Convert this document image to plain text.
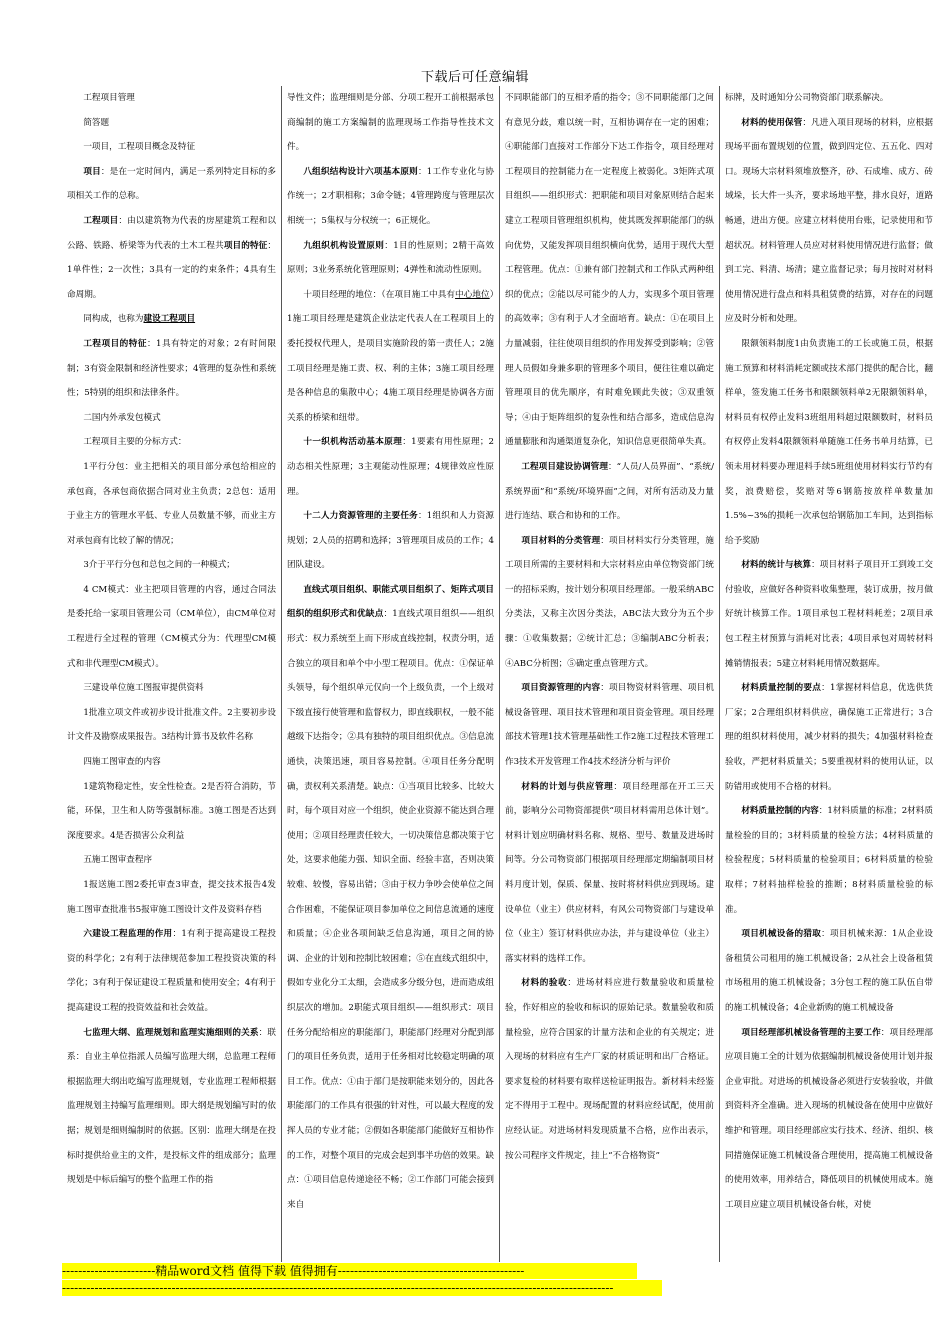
下载后可任意编辑

工程项目管理

简答题

一项目，工程项目概念及特征

项目：是在一定时间内，满足一系列特定目标的多项相关工作的总称。

工程项目：由以建筑物为代表的房屋建筑工程和以公路、铁路、桥梁等为代表的土木工程共项目的特征：1单件性；2一次性；3具有一定的约束条件；4具有生命周期。

同构成，也称为建设工程项目

工程项目的特征：1具有特定的对象；2有时间限制；3有资金限制和经济性要求；4管理的复杂性和系统性；5特别的组织和法律条件。

二国内外承发包模式

工程项目主要的分标方式：

1平行分包：业主把相关的项目部分承包给相应的承包商，各承包商依据合同对业主负责；2总包：适用于业主方的管理水平低、专业人员数量不够，而业主方对承包商有比较了解的情况；

3介于平行分包和总包之间的一种模式；

4 CM模式：业主把项目管理的内容，通过合同法是委托给一家项目管理公司（CM单位），由CM单位对工程进行全过程的管理（CM模式分为：代理型CM模式和非代理型CM模式）。

三建设单位施工图报审提供资料

1批准立项文件或初步设计批准文件。2主要初步设计文件及勘察成果报告。3结构计算书及软件名称

四施工图审查的内容

1建筑物稳定性，安全性检查。2是否符合消防，节能，环保，卫生和人防等强制标准。3施工图是否达到深度要求。4是否损害公众利益

五施工图审查程序

1报送施工图2委托审查3审查，提交技术报告4发施工图审查批准书5报审施工图设计文件及资料存档

六建设工程监理的作用：1有利于提高建设工程投资的科学化；2有利于法律规范参加工程投资决策的科学化；3有利于保证建设工程质量和使用安全；4有利于提高建设工程的投资效益和社会效益。

七监理大纲、监理规划和监理实施细则的关系：联系：自业主单位指派人员编写监理大纲，总监理工程师根据监理大纲出吃编写监理规划，专业监理工程师根据监理规划主持编写监理细则。即大纲是规划编写时的依据；规划是细则编制时的依据。区别：监理大纲是在投标时提供给业主的文件，是投标文件的组成部分；监理规划是中标后编写的整个监理工作的指

导性文件；监理细则是分部、分项工程开工前根据承包商编制的施工方案编制的监理现场工作指导性技术文件。

八组织结构设计六项基本原则：1工作专业化与协作统一；2才职相称；3命令链；4管理跨度与管理层次相统一；5集权与分权统一；6正规化。

九组织机构设置原则：1目的性原则；2精干高效原则；3业务系统化管理原则；4弹性和流动性原则。

十项目经理的地位：（在项目施工中具有中心地位）1施工项目经理是建筑企业法定代表人在工程项目上的委托授权代理人，是项目实施阶段的第一责任人；2施工项目经理是施工责、权、利的主体；3施工项目经理是各种信息的集散中心；4施工项目经理是协调各方面关系的桥梁和纽带。

十一织机构活动基本原理：1要素有用性原理；2动态相关性原理；3主观能动性原理；4规律效应性原理。

十二人力资源管理的主要任务：1组织和人力资源规划；2人员的招聘和选择；3管理项目成员的工作；4团队建设。

直线式项目组织、职能式项目组织了、矩阵式项目组织的组织形式和优缺点：1直线式项目组织——组织形式：权力系统至上而下形成直线控制，权责分明，适合独立的项目和单个中小型工程项目。优点：①保证单头领导，每个组织单元仅向一个上级负责，一个上级对下级直接行使管理和监督权力，即直线职权，一般不能越级下达指令；②具有独特的项目组织优点。③信息流通快，决策迅速，项目容易控制。④项目任务分配明确，责权利关系清楚。缺点：①当项目比较多、比较大时，每个项目对应一个组织，使企业资源不能达到合理使用；②项目经理责任较大，一切决策信息都决策于它处，这要求他能力强、知识全面、经验丰富，否则决策较难、较慢，容易出错；③由于权力争吵会使单位之间合作困难，不能保证项目参加单位之间信息流通的速度和质量；④企业各项间缺乏信息沟通，项目之间的协调、企业的计划和控制比较困难；⑤在直线式组织中，假如专业化分工太细，会造成多分级分包，进而造成组织层次的增加。2职能式项目组织——组织形式：项目任务分配给相应的职能部门，职能部门经理对分配到部门的项目任务负责，适用于任务相对比较稳定明确的项目工作。优点：①由于部门是按职能来划分的，因此各职能部门的工作具有很强的针对性，可以最大程度的发挥人员的专业才能；②假如各职能部门能做好互相协作的工作，对整个项目的完成会起到事半功倍的效果。缺点：①项目信息传递途径不畅；②工作部门可能会接到来自

不同职能部门的互相矛盾的指令；③不同职能部门之间有意见分歧，难以统一时，互相协调存在一定的困难；④职能部门直接对工作部分下达工作指令，项目经理对工程项目的控制能力在一定程度上被弱化。3矩阵式项目组织——组织形式：把职能和项目对象原则结合起来建立工程项目管理组织机构，使其既发挥职能部门的纵向优势，又能发挥项目组织横向优势，适用于现代大型工程管理。优点：①兼有部门控制式和工作队式两种组织的优点；②能以尽可能少的人力，实现多个项目管理的高效率；③有利于人才全面培育。缺点：①在项目上力量减弱，往往使项目组织的作用发挥受到影响；②管理人员假如身兼多职的管理多个项目，便往往难以确定管理项目的优先顺序，有时难免顾此失彼；③双重领导；④由于矩阵组织的复杂性和结合部多，造成信息沟通量膨胀和沟通渠道复杂化，知识信息更很简单失真。

工程项目建设协调管理：“人员/人员界面”、“系统/系统界面”和“系统/环境界面”之间，对所有活动及力量进行连结、联合和协和的工作。

项目材料的分类管理：项目材料实行分类管理，施工项目所需的主要材料和大宗材料应由单位物资部门统一的招标采购，按计划分积项目经理部。一般采纳ABC分类法，又称主次因分类法，ABC法大致分为五个步骤：①收集数据；②统计汇总；③编制ABC分析表；④ABC分析图；⑤确定重点管理方式。

项目资源管理的内容：项目物资材料管理、项目机械设备管理、项目技术管理和项目资金管理。项目经理部技术管理1技术管理基础性工作2施工过程技术管理工作3技术开发管理工作4技术经济分析与评价

材料的计划与供应管理：项目经理部在开工三天前，影响分公司物资部提供“项目材料需用总体计划”。材料计划应明确材料名称、规格、型号、数量及进场时间等。分公司物资部门根据项目经理部定期编制项目材料月度计划，保质、保量、按时将材料供应到现场。建设单位（业主）供应材料，有风公司物资部门与建设单位（业主）签订材料供应办法，并与建设单位（业主）落实材料的选样工作。

材料的验收：进场材料应进行数量验收和质量检验，作好相应的验收和标识的原始记录。数量验收和质量检验，应符合国家的计量方法和企业的有关规定；进入现场的材料应有生产厂家的材质证明和出厂合格证。要求复检的材料要有取样送检证明报告。新材料未经鉴定不得用于工程中。现场配置的材料应经试配，使用前应经认证。对进场材料发现质量不合格，应作出表示，按公司程序文件规定，挂上“不合格物资”

标牌，及时通知分公司物资部门联系解决。

材料的使用保管：凡进入项目现场的材料，应根据现场平面布置规划的位置，做到四定位、五五化、四对口。现场大宗材料须堆放整齐，砂、石成堆、成方、砖域垛，长大件一头齐，要求场地平整，排水良好，道路畅通，进出方便。应建立材料使用台账，记录使用和节超状况。材料管理人员应对材料使用情况进行监督；做到工完、料清、场清；建立监督记录；每月按时对材料使用情况进行盘点和料具租赁费的结算，对存在的问题应及时分析和处理。

限额领料制度1由负责施工的工长或施工员，根据施工预算和材料消耗定额或技术部门提供的配合比，翻样单，签发施工任务书和限额领料单2无限额领料单，材料员有权停止发料3班组用料超过限额数时，材料员有权停止发料4限额领料单随施工任务书单月结算，已领未用材料要办理退料手续5班组使用材料实行节约有奖，浪费赔偿，奖赔对等6钢筋按放样单数量加1.5%~3%的损耗一次承包给钢筋加工车间，达到指标给予奖励

材料的统计与核算：项目材料子项目开工到竣工交付验收，应做好各种资料收集整理，装订成册，按月做好统计核算工作。1项目承包工程材料耗差；2项目承包工程主材预算与消耗对比表；4项目承包对周转材料摊销情报表；5建立材料耗用情况数据库。

材料质量控制的要点：1掌握材料信息，优选供货厂家；2合理组织材料供应，确保施工正常进行；3合理的组织材料使用，减少材料的损失；4加强材料检查验收，严把材料质量关；5要重视材料的使用认证，以防错用或使用不合格的材料。

材料质量控制的内容：1材料质量的标准；2材料质量检验的目的；3材料质量的检验方法；4材料质量的检验程度；5材料质量的检验项目；6材料质量的检验取样；7材料抽样检验的推断；8材料质量检验的标准。

项目机械设备的猎取：项目机械来源：1从企业设备租赁公司租用的施工机械设备；2从社会上设备租赁市场租用的施工机械设备；3分包工程的施工队伍自带的施工机械设备；4企业新购的施工机械设备

项目经理部机械设备管理的主要工作：项目经理部应项目施工全的计划为依据编制机械设备使用计划并报企业审批。对进场的机械设备必须进行安装验收，并做到资料齐全准确。进入现场的机械设备在使用中应做好维护和管理。项目经理部应实行技术、经济、组织、核同措施保证施工机械设备合理使用，提高施工机械设备的使用效率，用养结合，降低项目的机械使用成本。施工项目应建立项目机械设备台帐，对使

-----------------------精品word文档 值得下载 值得拥有----------------------------------------------
----------------------------------------------------------------------------------------------------------------------------------------
